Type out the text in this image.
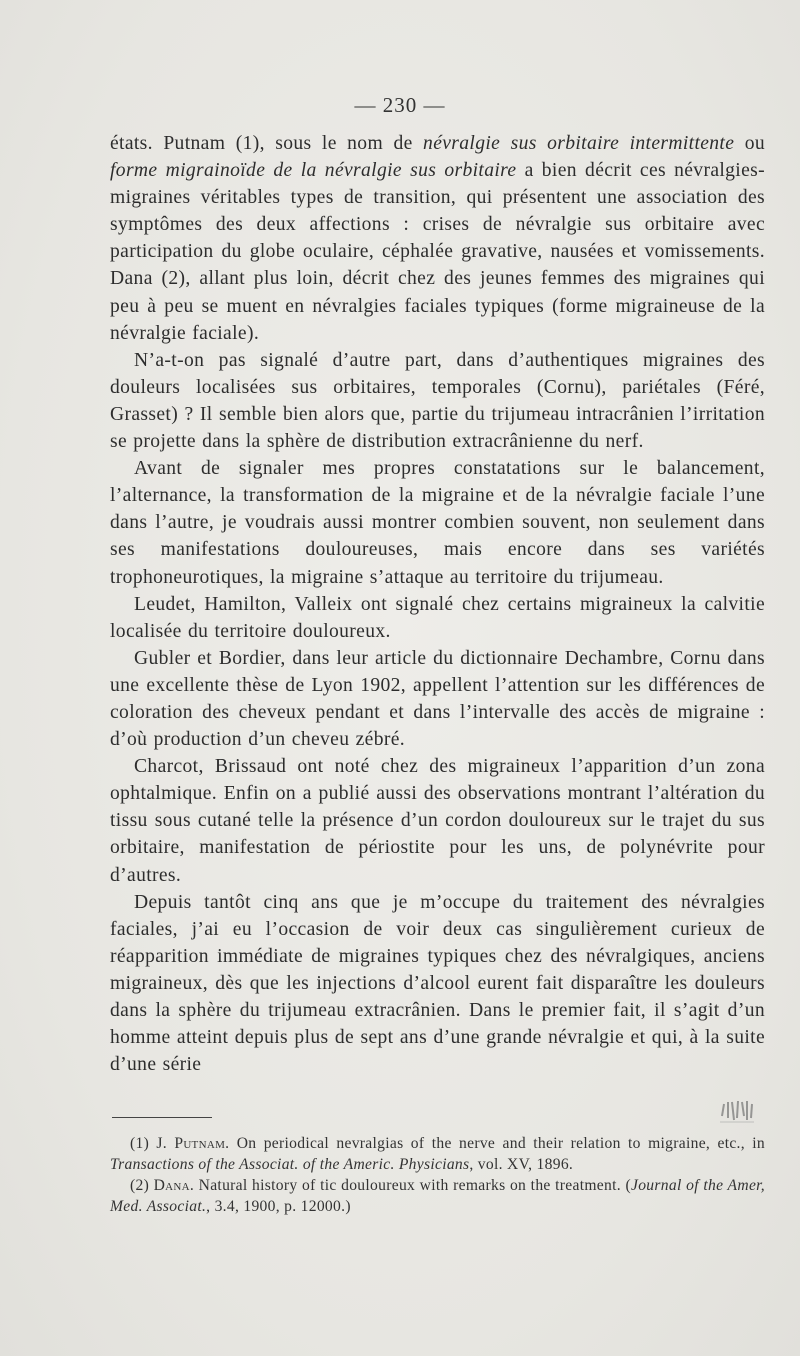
— 230 —

états. Putnam (1), sous le nom de névralgie sus orbitaire intermittente ou forme migrainoïde de la névralgie sus orbitaire a bien décrit ces névralgies-migraines véritables types de transition, qui présentent une association des symptômes des deux affections : crises de névralgie sus orbitaire avec participation du globe oculaire, céphalée gravative, nausées et vomissements. Dana (2), allant plus loin, décrit chez des jeunes femmes des migraines qui peu à peu se muent en névralgies faciales typiques (forme migraineuse de la névralgie faciale).

N’a-t-on pas signalé d’autre part, dans d’authentiques migraines des douleurs localisées sus orbitaires, temporales (Cornu), pariétales (Féré, Grasset) ? Il semble bien alors que, partie du trijumeau intracrânien l’irritation se projette dans la sphère de distribution extracrânienne du nerf.

Avant de signaler mes propres constatations sur le balancement, l’alternance, la transformation de la migraine et de la névralgie faciale l’une dans l’autre, je voudrais aussi montrer combien souvent, non seulement dans ses manifestations douloureuses, mais encore dans ses variétés trophoneurotiques, la migraine s’attaque au territoire du trijumeau.

Leudet, Hamilton, Valleix ont signalé chez certains migraineux la calvitie localisée du territoire douloureux.

Gubler et Bordier, dans leur article du dictionnaire Dechambre, Cornu dans une excellente thèse de Lyon 1902, appellent l’attention sur les différences de coloration des cheveux pendant et dans l’intervalle des accès de migraine : d’où production d’un cheveu zébré.

Charcot, Brissaud ont noté chez des migraineux l’apparition d’un zona ophtalmique. Enfin on a publié aussi des observations montrant l’altération du tissu sous cutané telle la présence d’un cordon douloureux sur le trajet du sus orbitaire, manifestation de périostite pour les uns, de polynévrite pour d’autres.

Depuis tantôt cinq ans que je m’occupe du traitement des névralgies faciales, j’ai eu l’occasion de voir deux cas singulièrement curieux de réapparition immédiate de migraines typiques chez des névralgiques, anciens migraineux, dès que les injections d’alcool eurent fait disparaître les douleurs dans la sphère du trijumeau extracrânien. Dans le premier fait, il s’agit d’un homme atteint depuis plus de sept ans d’une grande névralgie et qui, à la suite d’une série

(1) J. Putnam. On periodical nevralgias of the nerve and their relation to migraine, etc., in Transactions of the Associat. of the Americ. Physicians, vol. XV, 1896.

(2) Dana. Natural history of tic douloureux with remarks on the treatment. (Journal of the Amer, Med. Associat., 3.4, 1900, p. 12000.)
